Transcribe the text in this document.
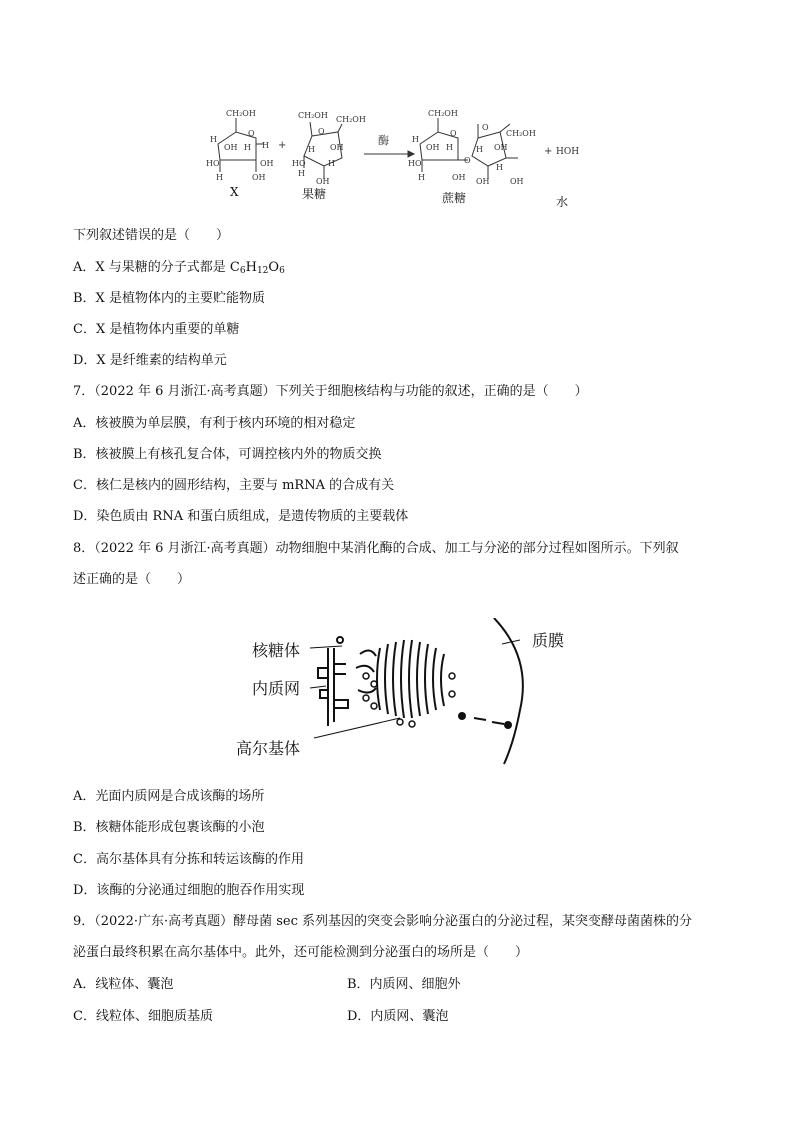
CH₂OH
O
H
OH H H
HO	OH
H	OH
+
CH₂OH
O
CH₂OH
H OH
HO	H
OH
H
酶
CH₂OH
O
H
OH H
HO
H	OH
O
O
CH₂OH
H OH
OH
H
OH
+ HOH
X	果糖	蔗糖	水
下列叙述错误的是（　　）
A．X 与果糖的分子式都是 $C_6H_{12}O_6$
B．X 是植物体内的主要贮能物质
C．X 是植物体内重要的单糖
D．X 是纤维素的结构单元
7．（2022 年 6 月浙江·高考真题）下列关于细胞核结构与功能的叙述，正确的是（　　）
A．核被膜为单层膜，有利于核内环境的相对稳定
B．核被膜上有核孔复合体，可调控核内外的物质交换
C．核仁是核内的圆形结构，主要与 mRNA 的合成有关
D．染色质由 RNA 和蛋白质组成，是遗传物质的主要载体
8．（2022 年 6 月浙江·高考真题）动物细胞中某消化酶的合成、加工与分泌的部分过程如图所示。下列叙
述正确的是（　　）
核糖体
内质网
高尔基体
质膜
A．光面内质网是合成该酶的场所
B．核糖体能形成包裹该酶的小泡
C．高尔基体具有分拣和转运该酶的作用
D．该酶的分泌通过细胞的胞吞作用实现
9．（2022·广东·高考真题）酵母菌 sec 系列基因的突变会影响分泌蛋白的分泌过程，某突变酵母菌菌株的分
泌蛋白最终积累在高尔基体中。此外，还可能检测到分泌蛋白的场所是（　　）
A．线粒体、囊泡	B．内质网、细胞外
C．线粒体、细胞质基质	D．内质网、囊泡
